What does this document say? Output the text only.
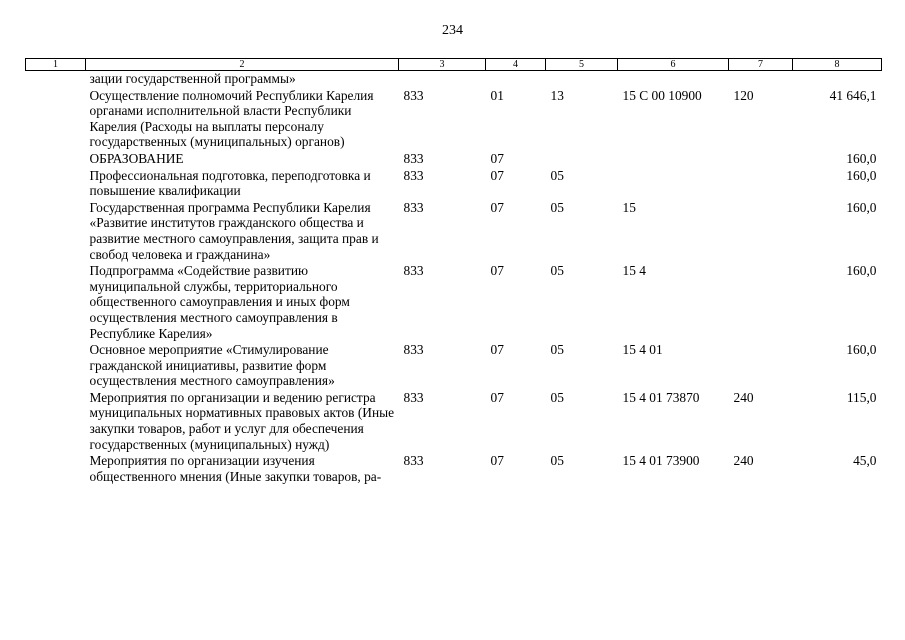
234
1	2	3	4	5	6	7	8
	зации государственной программы»						
	Осуществление полномочий Республики Карелия органами исполнительной власти Республики Карелия (Расходы на выплаты персоналу государственных (муниципальных) органов)	833	01	13	15 С 00 10900	120	41 646,1
	ОБРАЗОВАНИЕ	833	07				160,0
	Профессиональная подготовка, переподготовка и повышение квалификации	833	07	05			160,0
	Государственная программа Республики Карелия «Развитие институтов гражданского общества и развитие местного самоуправления, защита прав и свобод человека и гражданина»	833	07	05	15		160,0
	Подпрограмма «Содействие развитию муниципальной службы, территориального общественного самоуправления и иных форм осуществления местного самоуправления в Республике Карелия»	833	07	05	15 4		160,0
	Основное мероприятие «Стимулирование гражданской инициативы, развитие форм осуществления местного самоуправления»	833	07	05	15 4 01		160,0
	Мероприятия по организации и ведению регистра муниципальных нормативных правовых актов (Иные закупки товаров, работ и услуг для обеспечения государственных (муниципальных) нужд)	833	07	05	15 4 01 73870	240	115,0
	Мероприятия по организации изучения общественного мнения (Иные закупки товаров, ра-	833	07	05	15 4 01 73900	240	45,0
